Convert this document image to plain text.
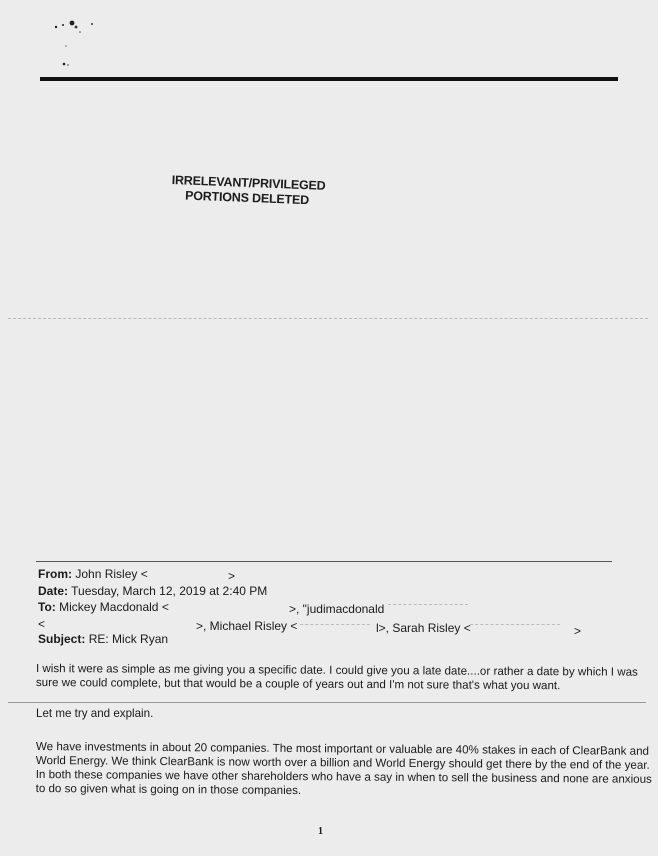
IRRELEVANT/PRIVILEGED
PORTIONS DELETED
From: John Risley <	>
Date: Tuesday, March 12, 2019 at 2:40 PM
To: Mickey Macdonald <	>, "judimacdonald
<	>, Michael Risley <	l>, Sarah Risley <	>
Subject: RE: Mick Ryan
I wish it were as simple as me giving you a specific date. I could give you a late date....or rather a date by which I was
sure we could complete, but that would be a couple of years out and I'm not sure that's what you want.
Let me try and explain.
We have investments in about 20 companies. The most important or valuable are 40% stakes in each of ClearBank and
World Energy. We think ClearBank is now worth over a billion and World Energy should get there by the end of the year.
In both these companies we have other shareholders who have a say in when to sell the business and none are anxious
to do so given what is going on in those companies.
1
